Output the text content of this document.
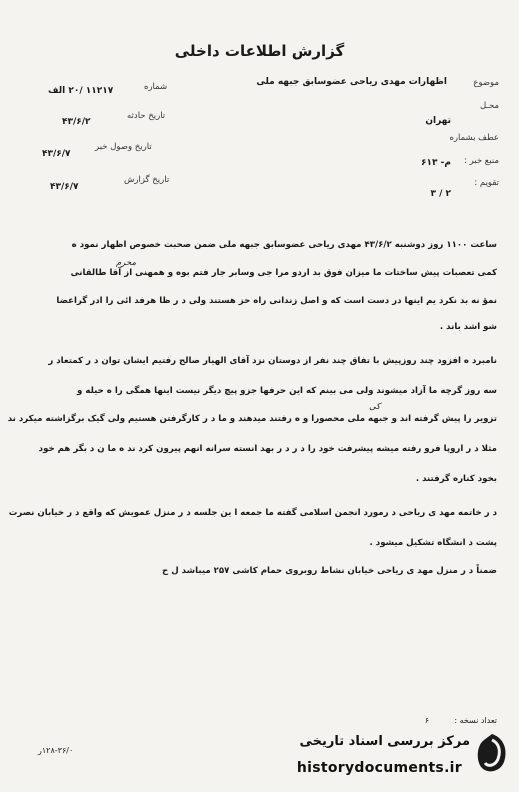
گزارش اطلاعات داخلی
موضوع
اظهارات مهدی ریاحی عضوسابق جبهه ملی
محـل
تهران
عطف بشماره
منبع خبر :
م- ۶۱۳
تقویم :
۲ / ۳
شماره
۱۱۲۱۷ /۲۰ الف
تاریخ حادثه
۴۳/۶/۲
تاریخ وصول خبر
۴۳/۶/۷
تاریخ گزارش
۴۳/۶/۷
ساعت ۱۱۰۰ روز دوشنبه ۴۳/۶/۲ مهدی ریاحی عضوسابق جبهه ملی ضمن صحبت خصوص اظهار نمود ه
کمی تعصبات پیش ساختات ما میزان فوق بد اردو مرا جی وسابر جار فتم بوه و همهنی از آقا طالقانی
نمؤ نه بد نکرد یم اینها در دست است که و اصل زندانی راه حز هستند ولی د ر ظا هرفد ائی را ادر گراعضا
شو اشد باند .
نامبرد ه افزود چند روزپیش با تفاق چند نفر از دوستان نزد آقای الهیار صالح رفتیم ایشان توان د ر کمتعاد ر
سه روز گرچه ما آزاد میشوند ولی می بینم که این حرفها جزو پیچ دیگر نیست اینها همگی را ه حیله و
تزویر را پیش گرفته اند و جبهه ملی محصورا و ه رفتند میدهند و ما د ر کارگرفتن هستیم ولی گیک برگزاشته میکرد ند
مثلا د ر اروپا فرو رفته میشه پیشرفت خود را د ر د ر بهد انسته سرانه انهم پیرون کرد ند ه ما ن د بگر هم خود
بخود کناره گرفتند .
د ر خاتمه مهد ی ریاحی د رمورد انجمن اسلامی گفته ما جمعه ا ین جلسه د ر منزل عمویش که واقع د ر خیابان نصرت
پشت د انشگاه تشکیل میشود .
ضمناً د ر منزل مهد ی ریاحی خیابان نشاط روبروی حمام کاشی ۲۵۷ میباشد ل ح
محرم
کی
تعداد نسخه :
۶
۱۲۸-۳۶/۰ر
مرکز بررسی اسناد تاریخی
historydocuments.ir
